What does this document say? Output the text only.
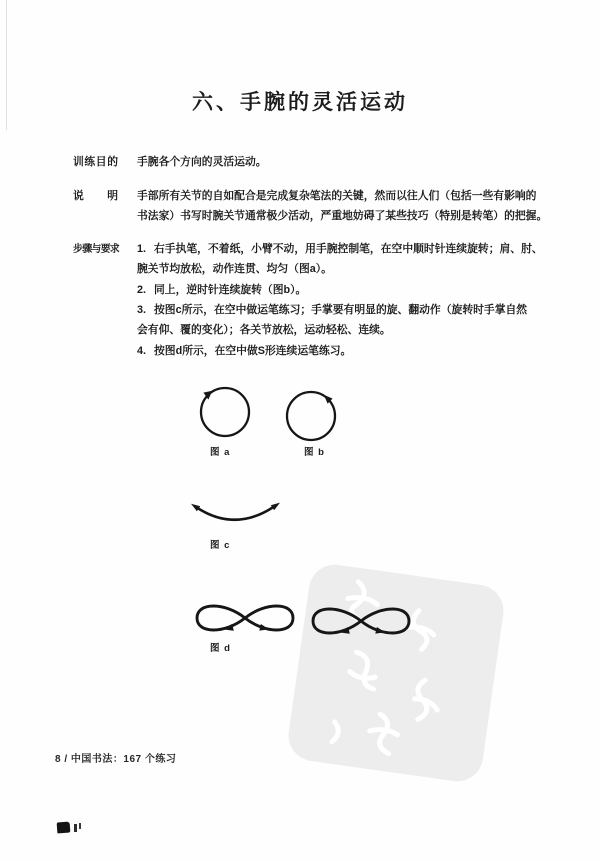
六、手腕的灵活运动
训练目的 手腕各个方向的灵活运动。
说明 手部所有关节的自如配合是完成复杂笔法的关键，然而以往人们（包括一些有影响的
书法家）书写时腕关节通常极少活动，严重地妨碍了某些技巧（特别是转笔）的把握。
步骤与要求 1. 右手执笔，不着纸，小臂不动，用手腕控制笔，在空中顺时针连续旋转；肩、肘、
腕关节均放松，动作连贯、均匀（图a）。
2. 同上，逆时针连续旋转（图b）。
3. 按图c所示，在空中做运笔练习；手掌要有明显的旋、翻动作（旋转时手掌自然
会有仰、覆的变化）；各关节放松，运动轻松、连续。
4. 按图d所示，在空中做S形连续运笔练习。
图 a	图 b
图 c
图 d
8 / 中国书法：167 个练习
